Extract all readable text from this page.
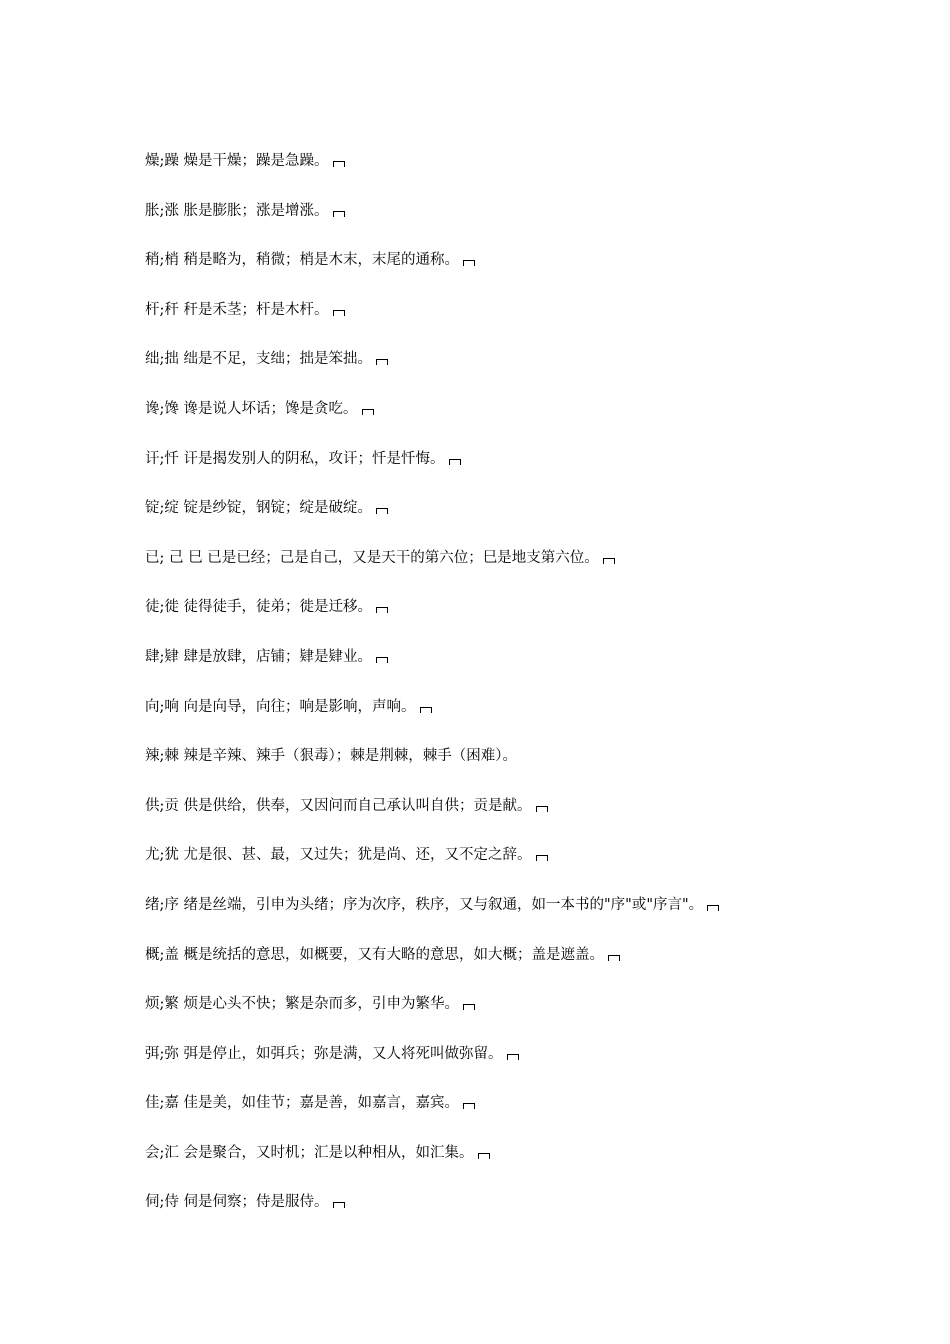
燥;躁 燥是干燥；躁是急躁。
胀;涨 胀是膨胀；涨是增涨。
稍;梢 稍是略为，稍微；梢是木末，末尾的通称。
杆;秆 秆是禾茎；杆是木杆。
绌;拙 绌是不足，支绌；拙是笨拙。
谗;馋 谗是说人坏话；馋是贪吃。
讦;忏 讦是揭发别人的阴私，攻讦；忏是忏悔。
锭;绽 锭是纱锭，钢锭；绽是破绽。
已; 己 巳 已是已经；己是自己，又是天干的第六位；巳是地支第六位。
徒;徙 徒得徒手，徒弟；徙是迁移。
肆;肄 肆是放肆，店铺；肄是肄业。
向;响 向是向导，向往；响是影响，声响。
辣;棘 辣是辛辣、辣手（狠毒）；棘是荆棘，棘手（困难）。
供;贡 供是供给，供奉，又因问而自己承认叫自供；贡是献。
尤;犹 尤是很、甚、最，又过失；犹是尚、还，又不定之辞。
绪;序 绪是丝端，引申为头绪；序为次序，秩序，又与叙通，如一本书的"序"或"序言"。
概;盖 概是统括的意思，如概要，又有大略的意思，如大概；盖是遮盖。
烦;繁 烦是心头不快；繁是杂而多，引申为繁华。
弭;弥 弭是停止，如弭兵；弥是满，又人将死叫做弥留。
佳;嘉 佳是美，如佳节；嘉是善，如嘉言，嘉宾。
会;汇 会是聚合，又时机；汇是以种相从，如汇集。
伺;侍 伺是伺察；侍是服侍。
